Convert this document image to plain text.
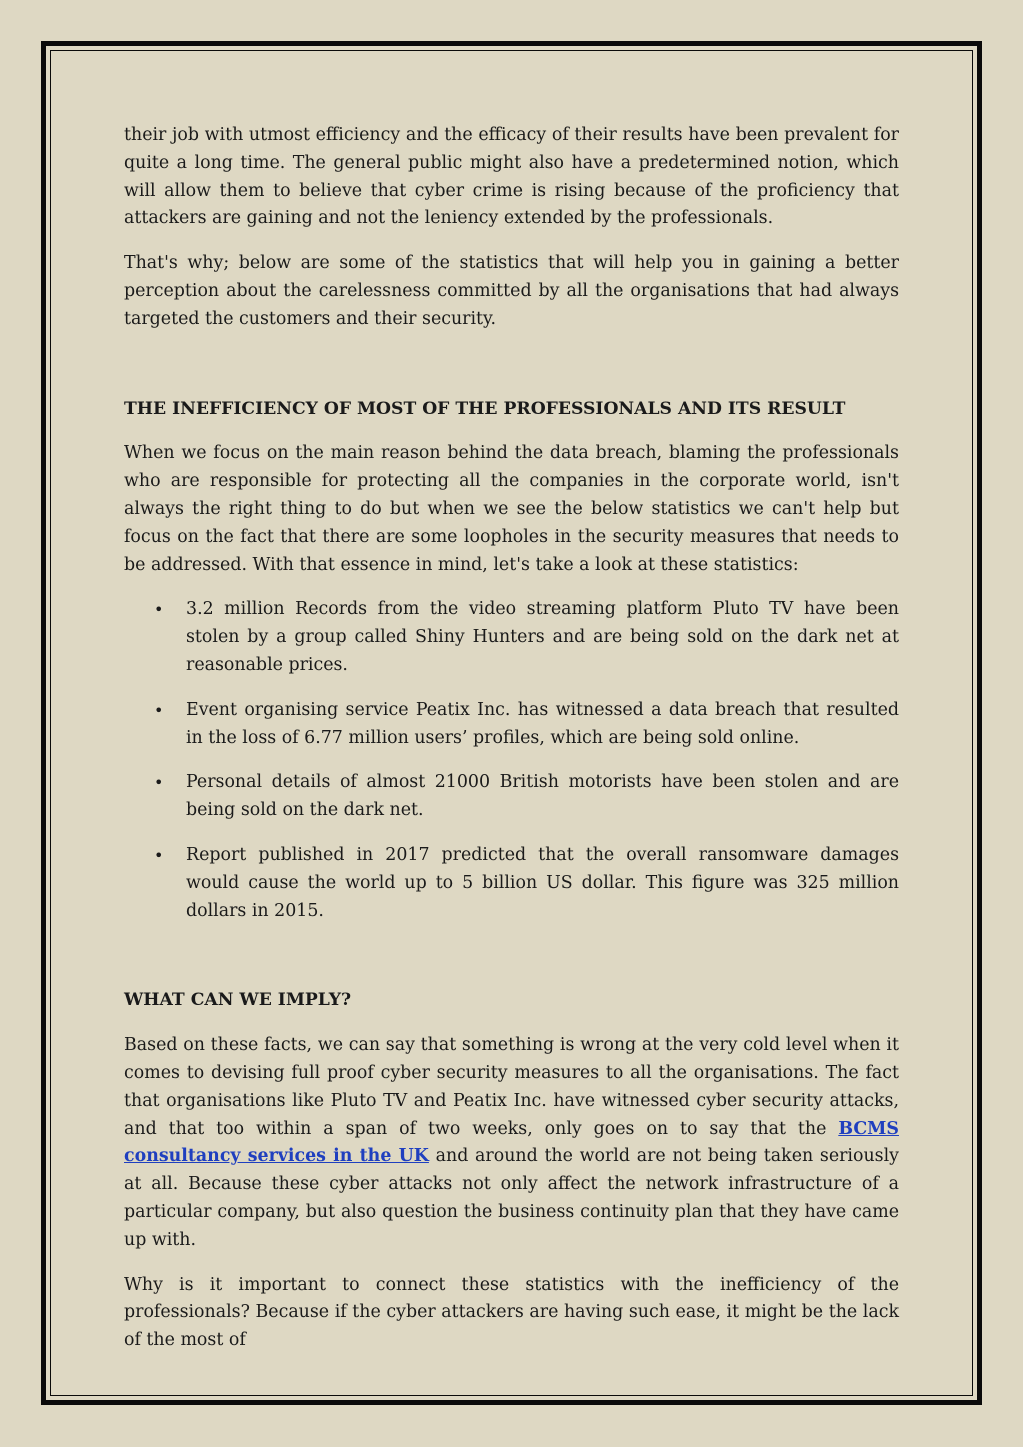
their job with utmost efficiency and the efficacy of their results have been prevalent for quite a long time. The general public might also have a predetermined notion, which will allow them to believe that cyber crime is rising because of the proficiency that attackers are gaining and not the leniency extended by the professionals.

That's why; below are some of the statistics that will help you in gaining a better perception about the carelessness committed by all the organisations that had always targeted the customers and their security.

THE INEFFICIENCY OF MOST OF THE PROFESSIONALS AND ITS RESULT

When we focus on the main reason behind the data breach, blaming the professionals who are responsible for protecting all the companies in the corporate world, isn't always the right thing to do but when we see the below statistics we can't help but focus on the fact that there are some loopholes in the security measures that needs to be addressed. With that essence in mind, let's take a look at these statistics:

• 3.2 million Records from the video streaming platform Pluto TV have been stolen by a group called Shiny Hunters and are being sold on the dark net at reasonable prices.
• Event organising service Peatix Inc. has witnessed a data breach that resulted in the loss of 6.77 million users’ profiles, which are being sold online.
• Personal details of almost 21000 British motorists have been stolen and are being sold on the dark net.
• Report published in 2017 predicted that the overall ransomware damages would cause the world up to 5 billion US dollar. This figure was 325 million dollars in 2015.
WHAT CAN WE IMPLY?

Based on these facts, we can say that something is wrong at the very cold level when it comes to devising full proof cyber security measures to all the organisations. The fact that organisations like Pluto TV and Peatix Inc. have witnessed cyber security attacks, and that too within a span of two weeks, only goes on to say that the BCMS consultancy services in the UK and around the world are not being taken seriously at all. Because these cyber attacks not only affect the network infrastructure of a particular company, but also question the business continuity plan that they have came up with.

Why is it important to connect these statistics with the inefficiency of the professionals? Because if the cyber attackers are having such ease, it might be the lack of the most of
